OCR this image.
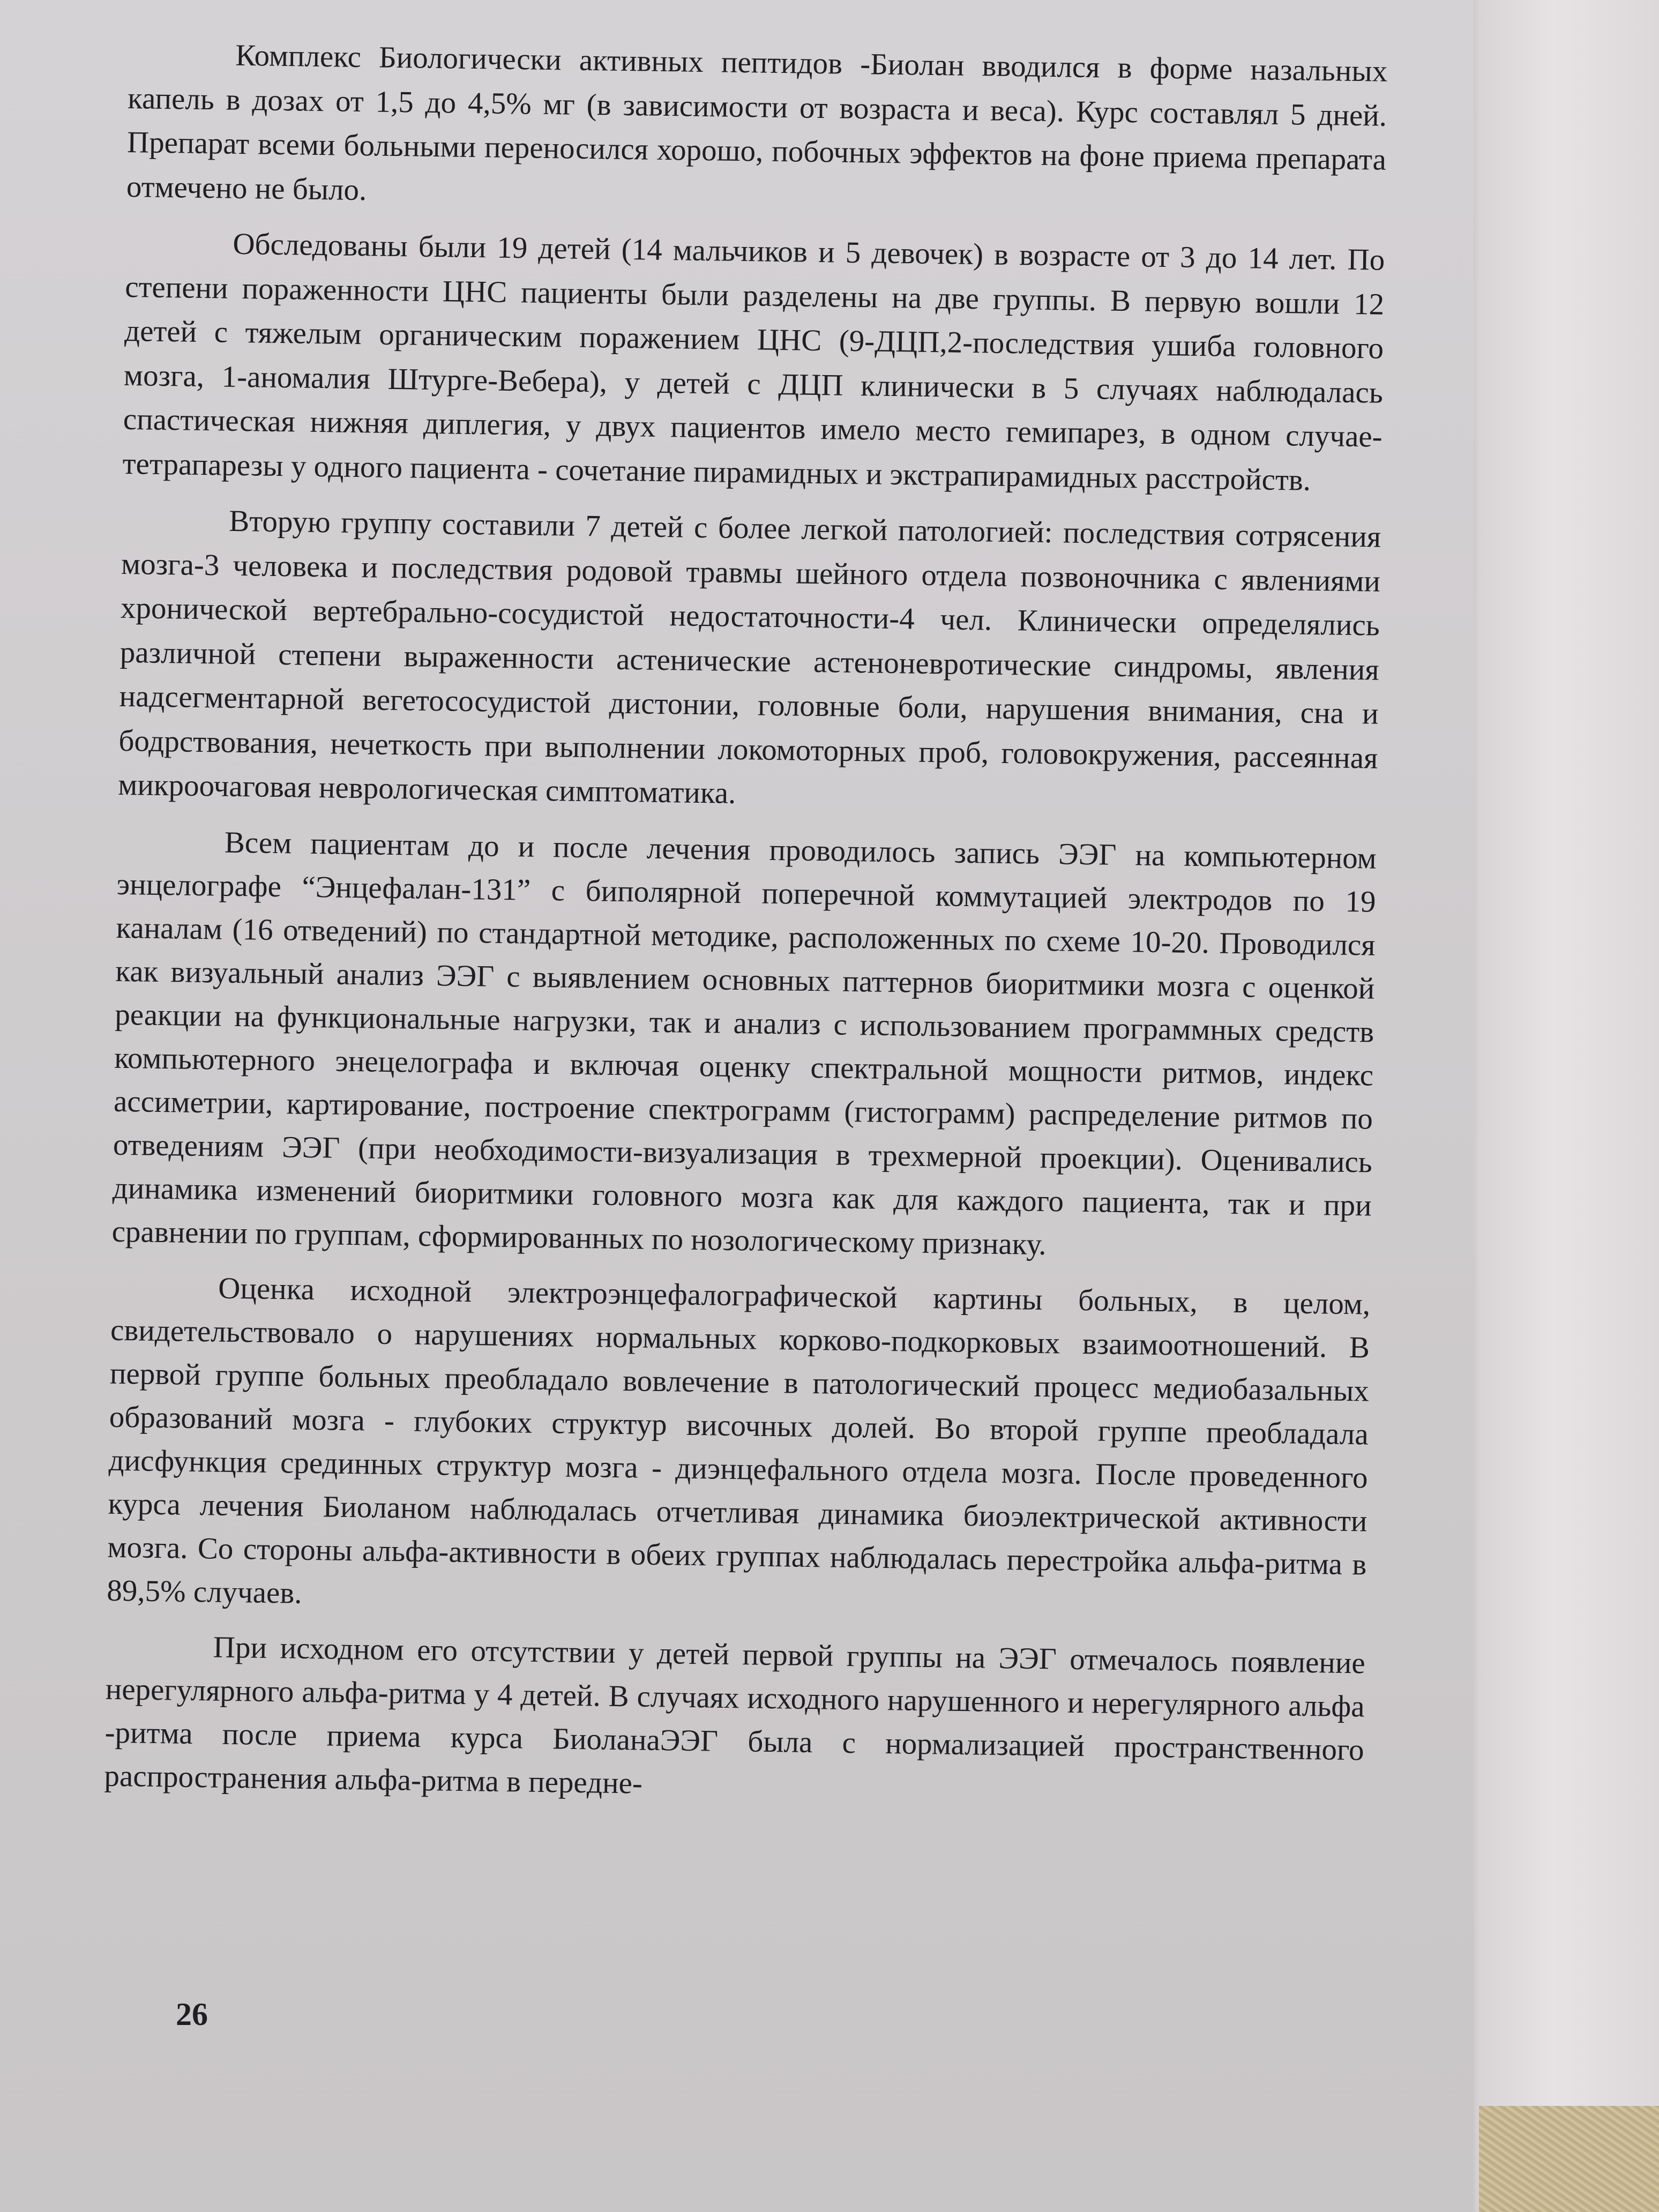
Комплекс Биологически активных пептидов -Биолан вводился в форме назальных капель в дозах от 1,5 до 4,5% мг (в зависимости от возраста и веса). Курс составлял 5 дней. Препарат всеми больными переносился хорошо, побочных эффектов на фоне приема препарата отмечено не было.

Обследованы были 19 детей (14 мальчиков и 5 девочек) в возрасте от 3 до 14 лет. По степени пораженности ЦНС пациенты были разделены на две группы. В первую вошли 12 детей с тяжелым органическим поражением ЦНС (9-ДЦП,2-последствия ушиба головного мозга, 1-аномалия Штурге-Вебера), у детей с ДЦП клинически в 5 случаях наблюдалась спастическая нижняя диплегия, у двух пациентов имело место гемипарез, в одном случае-тетрапарезы у одного пациента - сочетание пирамидных и экстрапирамидных расстройств.

Вторую группу составили 7 детей с более легкой патологией: последствия сотрясения мозга-3 человека и последствия родовой травмы шейного отдела позвоночника с явлениями хронической вертебрально-сосудистой недостаточности-4 чел. Клинически определялись различной степени выраженности астенические астеноневротические синдромы, явления надсегментарной вегетососудистой дистонии, головные боли, нарушения внимания, сна и бодрствования, нечеткость при выполнении локомоторных проб, головокружения, рассеянная микроочаговая неврологическая симптоматика.

Всем пациентам до и после лечения проводилось запись ЭЭГ на компьютерном энцелографе “Энцефалан-131” с биполярной поперечной коммутацией электродов по 19 каналам (16 отведений) по стандартной методике, расположенных по схеме 10-20. Проводился как визуальный анализ ЭЭГ с выявлением основных паттернов биоритмики мозга с оценкой реакции на функциональные нагрузки, так и анализ с использованием программных средств компьютерного энецелографа и включая оценку спектральной мощности ритмов, индекс ассиметрии, картирование, построение спектрограмм (гистограмм) распределение ритмов по отведениям ЭЭГ (при необходимости-визуализация в трехмерной проекции). Оценивались динамика изменений биоритмики головного мозга как для каждого пациента, так и при сравнении по группам, сформированных по нозологическому признаку.

Оценка исходной электроэнцефалографической картины больных, в целом, свидетельствовало о нарушениях нормальных корково-подкорковых взаимоотношений. В первой группе больных преобладало вовлечение в патологический процесс медиобазальных образований мозга - глубоких структур височных долей. Во второй группе преобладала дисфункция срединных структур мозга - диэнцефального отдела мозга. После проведенного курса лечения Биоланом наблюдалась отчетливая динамика биоэлектрической активности мозга. Со стороны альфа-активности в обеих группах наблюдалась перестройка альфа-ритма в 89,5% случаев.

При исходном его отсутствии у детей первой группы на ЭЭГ отмечалось появление нерегулярного альфа-ритма у 4 детей. В случаях исходного нарушенного и нерегулярного альфа -ритма после приема курса БиоланаЭЭГ была с нормализацией пространственного распространения альфа-ритма в передне-

26
